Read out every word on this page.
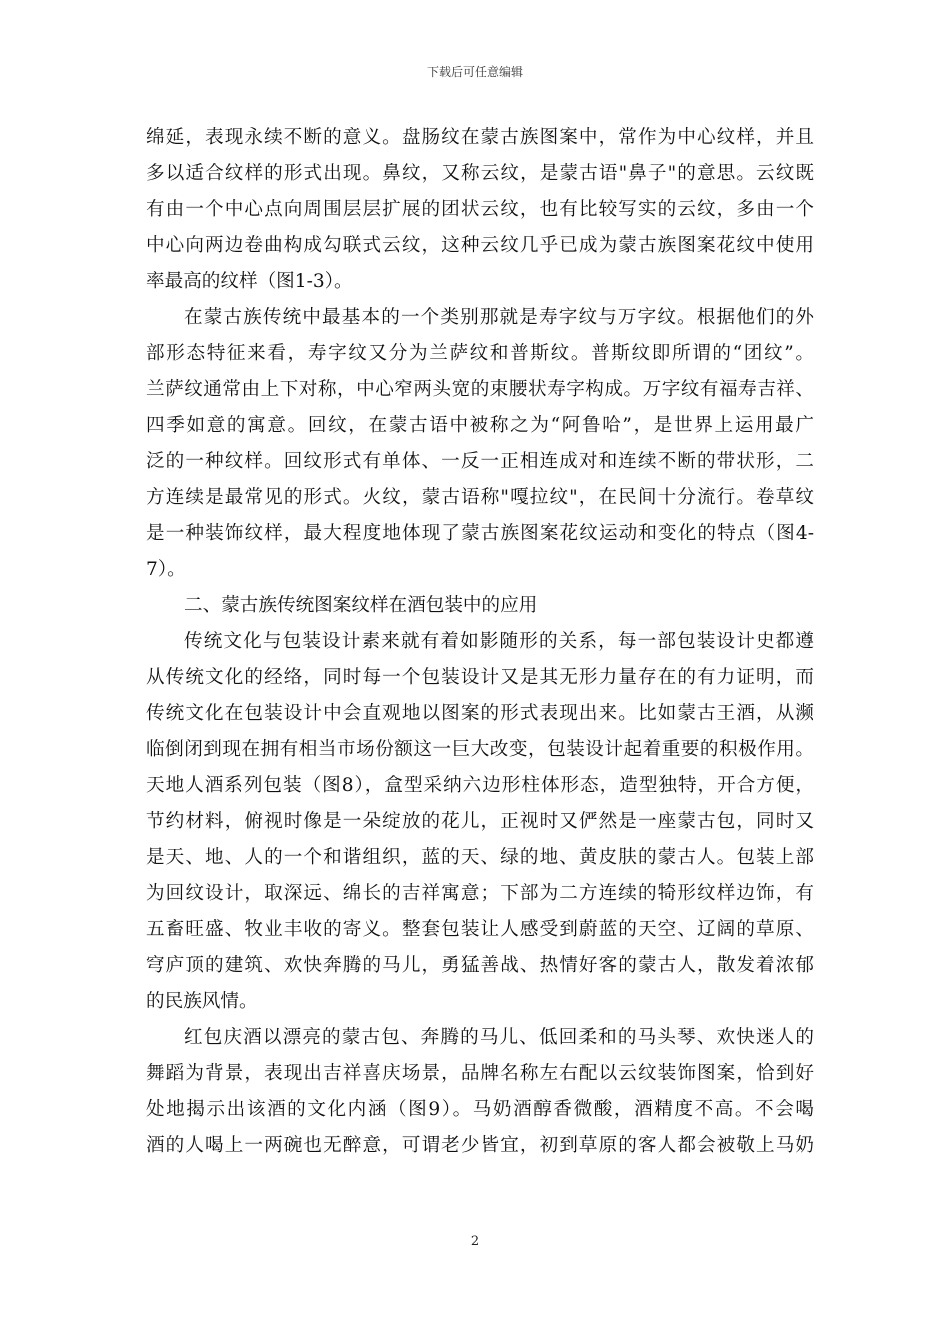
下载后可任意编辑
绵延，表现永续不断的意义。盘肠纹在蒙古族图案中，常作为中心纹样，并且
多以适合纹样的形式出现。鼻纹，又称云纹，是蒙古语"鼻子"的意思。云纹既
有由一个中心点向周围层层扩展的团状云纹，也有比较写实的云纹，多由一个
中心向两边卷曲构成勾联式云纹，这种云纹几乎已成为蒙古族图案花纹中使用
率最高的纹样（图1-3）。
在蒙古族传统中最基本的一个类别那就是寿字纹与万字纹。根据他们的外
部形态特征来看，寿字纹又分为兰萨纹和普斯纹。普斯纹即所谓的“团纹”。
兰萨纹通常由上下对称，中心窄两头宽的束腰状寿字构成。万字纹有福寿吉祥、
四季如意的寓意。回纹，在蒙古语中被称之为“阿鲁哈”，是世界上运用最广
泛的一种纹样。回纹形式有单体、一反一正相连成对和连续不断的带状形，二
方连续是最常见的形式。火纹，蒙古语称"嘎拉纹"，在民间十分流行。卷草纹
是一种装饰纹样，最大程度地体现了蒙古族图案花纹运动和变化的特点（图4-
7）。
二、蒙古族传统图案纹样在酒包装中的应用
传统文化与包装设计素来就有着如影随形的关系，每一部包装设计史都遵
从传统文化的经络，同时每一个包装设计又是其无形力量存在的有力证明，而
传统文化在包装设计中会直观地以图案的形式表现出来。比如蒙古王酒，从濒
临倒闭到现在拥有相当市场份额这一巨大改变，包装设计起着重要的积极作用。
天地人酒系列包装（图8），盒型采纳六边形柱体形态，造型独特，开合方便，
节约材料，俯视时像是一朵绽放的花儿，正视时又俨然是一座蒙古包，同时又
是天、地、人的一个和谐组织，蓝的天、绿的地、黄皮肤的蒙古人。包装上部
为回纹设计，取深远、绵长的吉祥寓意；下部为二方连续的犄形纹样边饰，有
五畜旺盛、牧业丰收的寄义。整套包装让人感受到蔚蓝的天空、辽阔的草原、
穹庐顶的建筑、欢快奔腾的马儿，勇猛善战、热情好客的蒙古人，散发着浓郁
的民族风情。
红包庆酒以漂亮的蒙古包、奔腾的马儿、低回柔和的马头琴、欢快迷人的
舞蹈为背景，表现出吉祥喜庆场景，品牌名称左右配以云纹装饰图案，恰到好
处地揭示出该酒的文化内涵（图9）。马奶酒醇香微酸，酒精度不高。不会喝
酒的人喝上一两碗也无醉意，可谓老少皆宜，初到草原的客人都会被敬上马奶
2
